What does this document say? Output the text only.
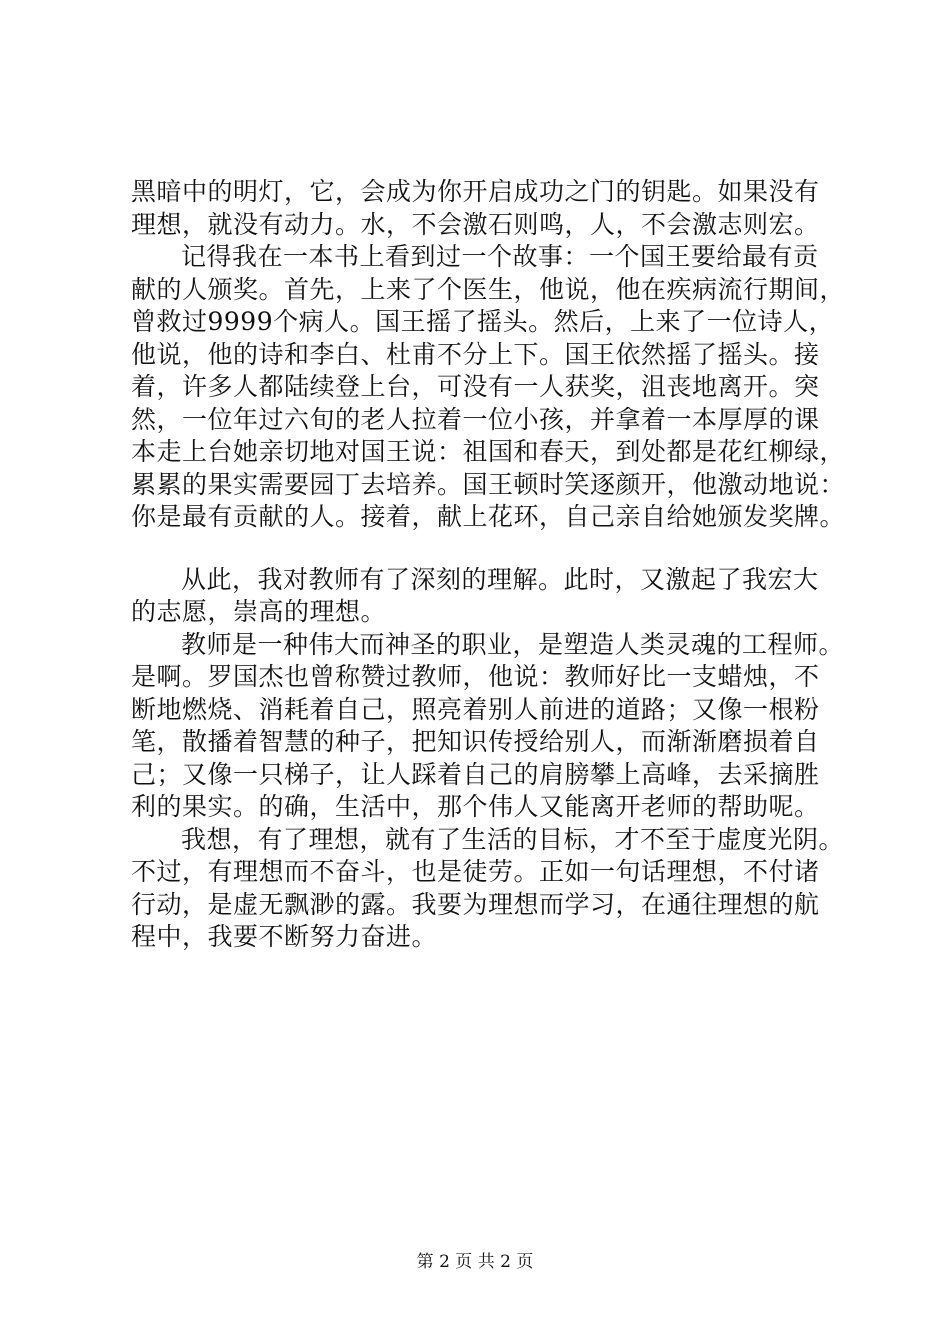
黑暗中的明灯，它，会成为你开启成功之门的钥匙。如果没有
理想，就没有动力。水，不会激石则鸣，人，不会激志则宏。
记得我在一本书上看到过一个故事：一个国王要给最有贡
献的人颁奖。首先，上来了个医生，他说，他在疾病流行期间，
曾救过9999个病人。国王摇了摇头。然后，上来了一位诗人，
他说，他的诗和李白、杜甫不分上下。国王依然摇了摇头。接
着，许多人都陆续登上台，可没有一人获奖，沮丧地离开。突
然，一位年过六旬的老人拉着一位小孩，并拿着一本厚厚的课
本走上台她亲切地对国王说：祖国和春天，到处都是花红柳绿，
累累的果实需要园丁去培养。国王顿时笑逐颜开，他激动地说：
你是最有贡献的人。接着，献上花环，自己亲自给她颁发奖牌。
从此，我对教师有了深刻的理解。此时，又激起了我宏大
的志愿，崇高的理想。
教师是一种伟大而神圣的职业，是塑造人类灵魂的工程师。
是啊。罗国杰也曾称赞过教师，他说：教师好比一支蜡烛，不
断地燃烧、消耗着自己，照亮着别人前进的道路；又像一根粉
笔，散播着智慧的种子，把知识传授给别人，而渐渐磨损着自
己；又像一只梯子，让人踩着自己的肩膀攀上高峰，去采摘胜
利的果实。的确，生活中，那个伟人又能离开老师的帮助呢。
我想，有了理想，就有了生活的目标，才不至于虚度光阴。
不过，有理想而不奋斗，也是徒劳。正如一句话理想，不付诸
行动，是虚无飘渺的露。我要为理想而学习，在通往理想的航
程中，我要不断努力奋进。
第 2 页 共 2 页
